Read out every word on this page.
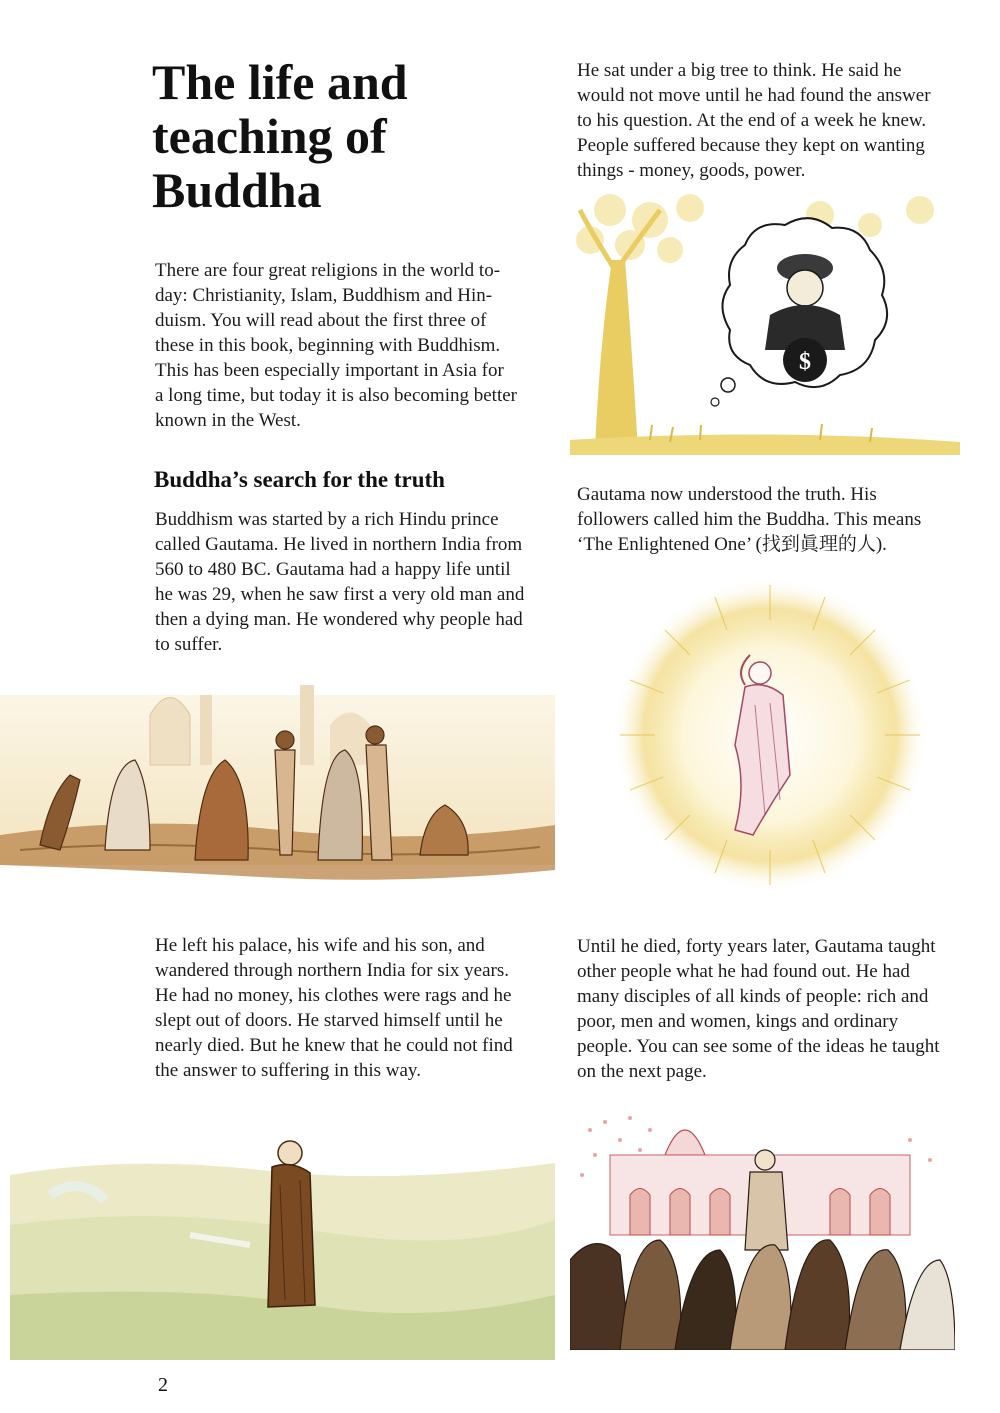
The life and
teaching of
Buddha
There are four great religions in the world to-
day: Christianity, Islam, Buddhism and Hin-
duism. You will read about the first three of
these in this book, beginning with Buddhism.
This has been especially important in Asia for
a long time, but today it is also becoming better
known in the West.
Buddha’s search for the truth
Buddhism was started by a rich Hindu prince
called Gautama. He lived in northern India from
560 to 480 BC. Gautama had a happy life until
he was 29, when he saw first a very old man and
then a dying man. He wondered why people had
to suffer.
He left his palace, his wife and his son, and
wandered through northern India for six years.
He had no money, his clothes were rags and he
slept out of doors. He starved himself until he
nearly died. But he knew that he could not find
the answer to suffering in this way.
2
He sat under a big tree to think. He said he
would not move until he had found the answer
to his question. At the end of a week he knew.
People suffered because they kept on wanting
things - money, goods, power.
$
Gautama now understood the truth. His
followers called him the Buddha. This means
‘The Enlightened One’ (找到眞理的人).
Until he died, forty years later, Gautama taught
other people what he had found out. He had
many disciples of all kinds of people: rich and
poor, men and women, kings and ordinary
people. You can see some of the ideas he taught
on the next page.
